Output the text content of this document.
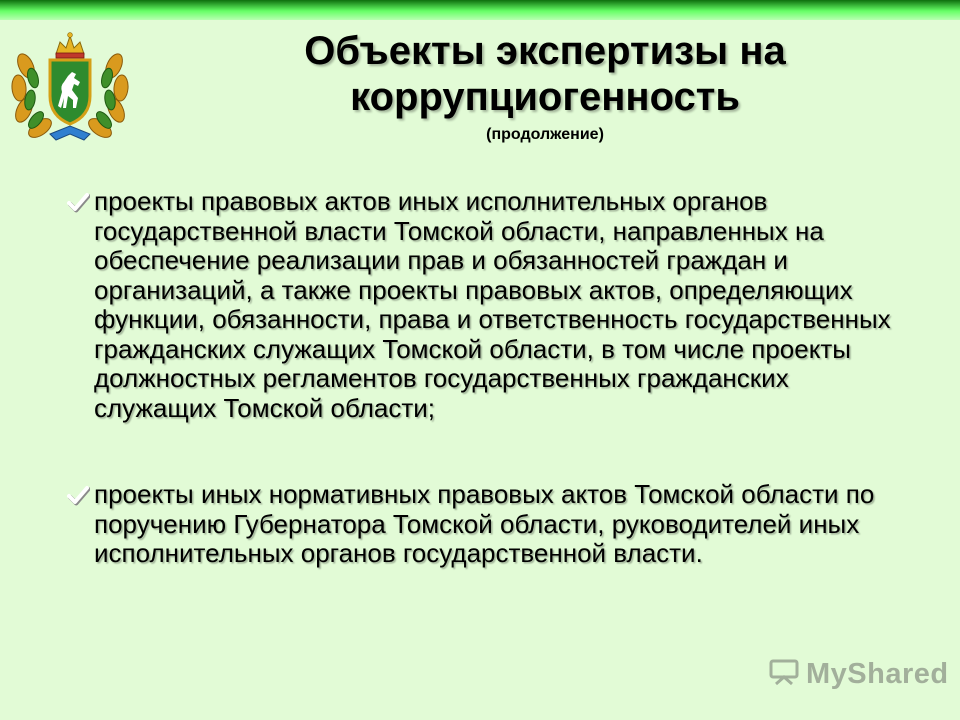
Объекты экспертизы на коррупциогенность
(продолжение)
проекты правовых актов иных исполнительных органов государственной власти Томской области, направленных на обеспечение реализации прав и обязанностей граждан и организаций, а также проекты правовых актов, определяющих функции, обязанности, права и ответственность государственных гражданских служащих Томской области, в том числе проекты должностных регламентов государственных гражданских служащих Томской области;
проекты иных нормативных правовых актов Томской области по поручению Губернатора Томской области, руководителей иных исполнительных органов государственной власти.
MyShared
